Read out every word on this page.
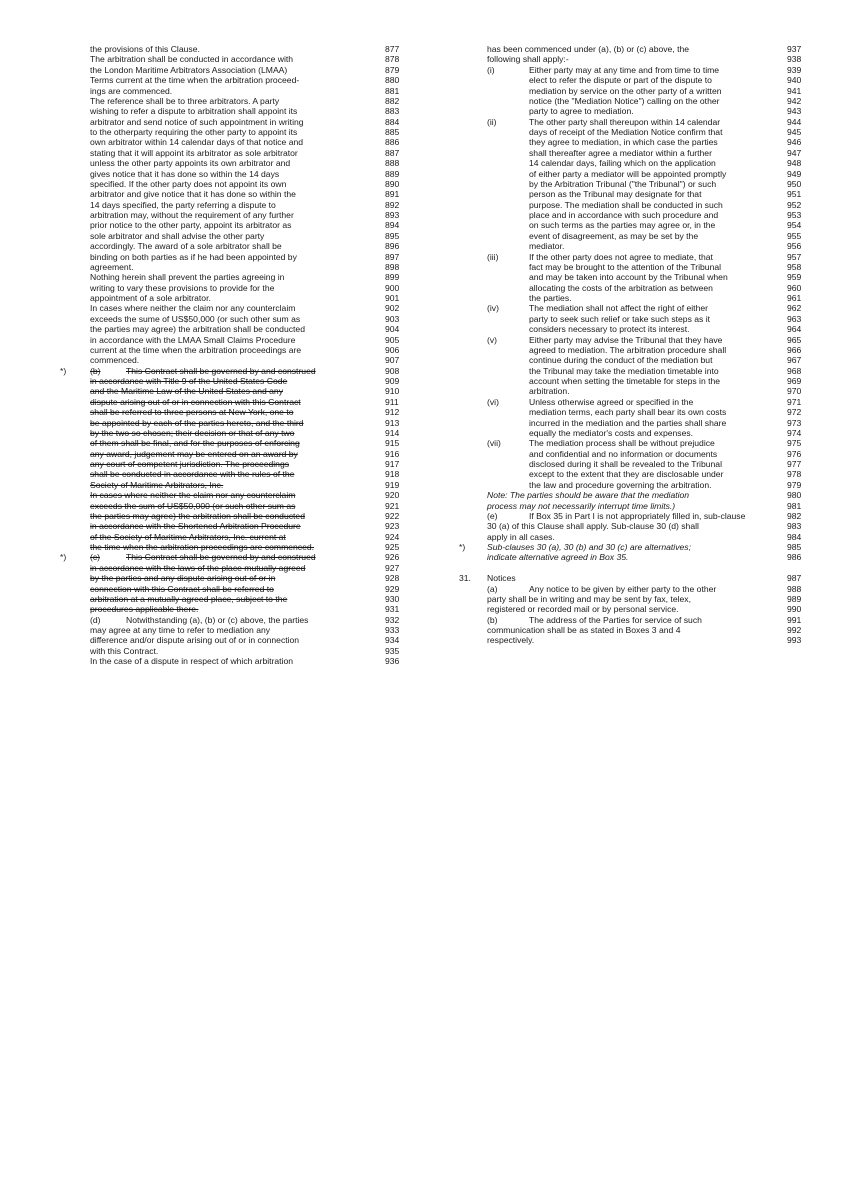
the provisions of this Clause.	877
The arbitration shall be conducted in accordance with	878
the London Maritime Arbitrators Association (LMAA)	879
Terms current at the time when the arbitration proceed-	880
ings are commenced.	881
The reference shall be to three arbitrators. A party	882
wishing to refer a dispute to arbitration shall appoint its	883
arbitrator and send notice of such appointment in writing	884
to the otherparty requiring the other party to appoint its	885
own arbitrator within 14 calendar days of that notice and	886
stating that it will appoint its arbitrator as sole arbitrator	887
unless the other party appoints its own arbitrator and	888
gives notice that it has done so within the 14 days	889
specified. If the other party does not appoint its own	890
arbitrator and give notice that it has done so within the	891
14 days specified, the party referring a dispute to	892
arbitration may, without the requirement of any further	893
prior notice to the other party, appoint its arbitrator as	894
sole arbitrator and shall advise the other party	895
accordingly. The award of a sole arbitrator shall be	896
binding on both parties as if he had been appointed by	897
agreement.	898
Nothing herein shall prevent the parties agreeing in	899
writing to vary these provisions to provide for the	900
appointment of a sole arbitrator.	901
In cases where neither the claim nor any counterclaim	902
exceeds the sume of US$50,000 (or such other sum as	903
the parties may agree) the arbitration shall be conducted	904
in accordance with the LMAA Small Claims Procedure	905
current at the time when the arbitration proceedings are	906
commenced.	907
*)	(b)	This Contract shall be governed by and construed	908
in accordance with Title 9 of the United States Code	909
and the Maritime Law of the United States and any	910
dispute arising out of or in connection with this Contract	911
shall be referred to three persons at New York, one to	912
be appointed by each of the parties hereto, and the third	913
by the two so chosen; their decision or that of any two	914
of them shall be final, and for the purposes of enforcing	915
any award, judgement may be entered on an award by	916
any court of competent jurisdiction. The proceedings	917
shall be conducted in accordance with the rules of the	918
Society of Maritime Arbitrators, Inc.	919
In cases where neither the claim nor any counterclaim	920
exceeds the sum of US$50,000 (or such other sum as	921
the parties may agree) the arbitration shall be conducted	922
in accordance with the Shortened Arbitration Procedure	923
of the Society of Maritime Arbitrators, Inc. current at	924
the time when the arbitration proceedings are commenced.	925
*)	(c)	This Contract shall be governed by and construed	926
in accordance with the laws of the place mutually agreed	927
by the parties and any dispute arising out of or in	928
connection with this Contract shall be referred to	929
arbitration at a mutually agreed place, subject to the	930
procedures applicable there.	931
(d)	Notwithstanding (a), (b) or (c) above, the parties	932
may agree at any time to refer to mediation any	933
difference and/or dispute arising out of or in connection	934
with this Contract.	935
In the case of a dispute in respect of which arbitration	936
has been commenced under (a), (b) or (c) above, the	937
following shall apply:-	938
(i)	Either party may at any time and from time to time	939
elect to refer the dispute or part of the dispute to	940
mediation by service on the other party of a written	941
notice (the "Mediation Notice") calling on the other	942
party to agree to mediation.	943
(ii)	The other party shall thereupon within 14 calendar	944
days of receipt of the Mediation Notice confirm that	945
they agree to mediation, in which case the parties	946
shall thereafter agree a mediator within a further	947
14 calendar days, failing which on the application	948
of either party a mediator will be appointed promptly	949
by the Arbitration Tribunal ("the Tribunal") or such	950
person as the Tribunal may designate for that	951
purpose. The mediation shall be conducted in such	952
place and in accordance with such procedure and	953
on such terms as the parties may agree or, in the	954
event of disagreement, as may be set by the	955
mediator.	956
(iii)	If the other party does not agree to mediate, that	957
fact may be brought to the attention of the Tribunal	958
and may be taken into account by the Tribunal when	959
allocating the costs of the arbitration as between	960
the parties.	961
(iv)	The mediation shall not affect the right of either	962
party to seek such relief or take such steps as it	963
considers necessary to protect its interest.	964
(v)	Either party may advise the Tribunal that they have	965
agreed to mediation. The arbitration procedure shall	966
continue during the conduct of the mediation but	967
the Tribunal may take the mediation timetable into	968
account when setting the timetable for steps in the	969
arbitration.	970
(vi)	Unless otherwise agreed or specified in the	971
mediation terms, each party shall bear its own costs	972
incurred in the mediation and the parties shall share	973
equally the mediator's costs and expenses.	974
(vii)	The mediation process shall be without prejudice	975
and confidential and no information or documents	976
disclosed during it shall be revealed to the Tribunal	977
except to the extent that they are disclosable under	978
the law and procedure governing the arbitration.	979
Note: The parties should be aware that the mediation	980
process may not necessarily interrupt time limits.)	981
(e)	If Box 35 in Part I is not appropriately filled in, sub-clause	982
30 (a) of this Clause shall apply. Sub-clause 30 (d) shall	983
apply in all cases.	984
*)	Sub-clauses 30 (a), 30 (b) and 30 (c) are alternatives;	985
indicate alternative agreed in Box 35.	986
31. Notices	987
(a)	Any notice to be given by either party to the other	988
party shall be in writing and may be sent by fax, telex,	989
registered or recorded mail or by personal service.	990
(b)	The address of the Parties for service of such	991
communication shall be as stated in Boxes 3 and 4	992
respectively.	993
